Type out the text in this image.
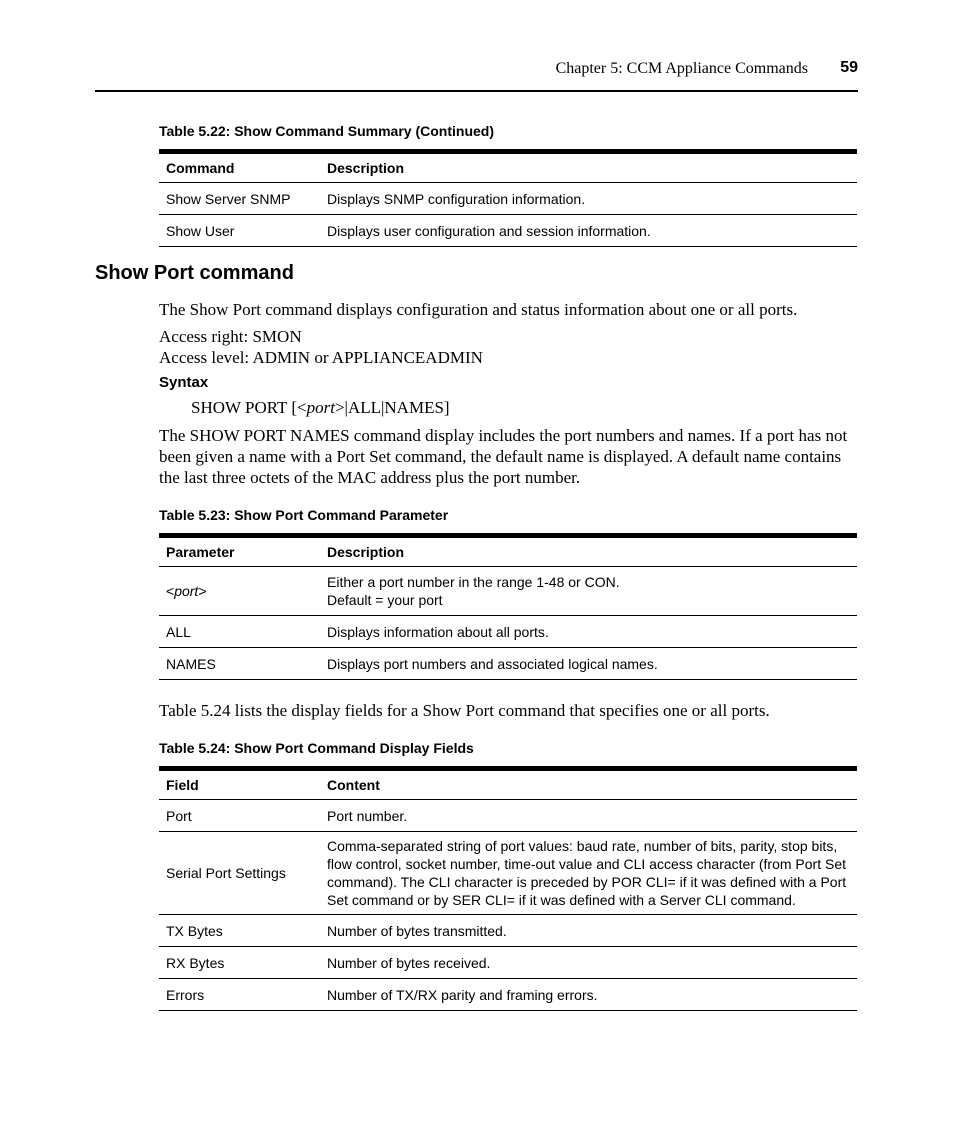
Chapter 5: CCM Appliance Commands 59
Table 5.22: Show Command Summary (Continued)
Command	Description
Show Server SNMP	Displays SNMP configuration information.
Show User	Displays user configuration and session information.
Show Port command
The Show Port command displays configuration and status information about one or all ports.
Access right: SMON
Access level: ADMIN or APPLIANCEADMIN
Syntax
SHOW PORT [<port>|ALL|NAMES]
The SHOW PORT NAMES command display includes the port numbers and names. If a port has not been given a name with a Port Set command, the default name is displayed. A default name contains the last three octets of the MAC address plus the port number.
Table 5.23: Show Port Command Parameter
Parameter	Description
<port>	Either a port number in the range 1-48 or CON.
Default = your port

ALL	Displays information about all ports.
NAMES	Displays port numbers and associated logical names.
Table 5.24 lists the display fields for a Show Port command that specifies one or all ports.
Table 5.24: Show Port Command Display Fields
Field	Content
Port	Port number.
Serial Port Settings	Comma-separated string of port values: baud rate, number of bits, parity, stop bits, flow control, socket number, time-out value and CLI access character (from Port Set command). The CLI character is preceded by POR CLI= if it was defined with a Port Set command or by SER CLI= if it was defined with a Server CLI command.
TX Bytes	Number of bytes transmitted.
RX Bytes	Number of bytes received.
Errors	Number of TX/RX parity and framing errors.
